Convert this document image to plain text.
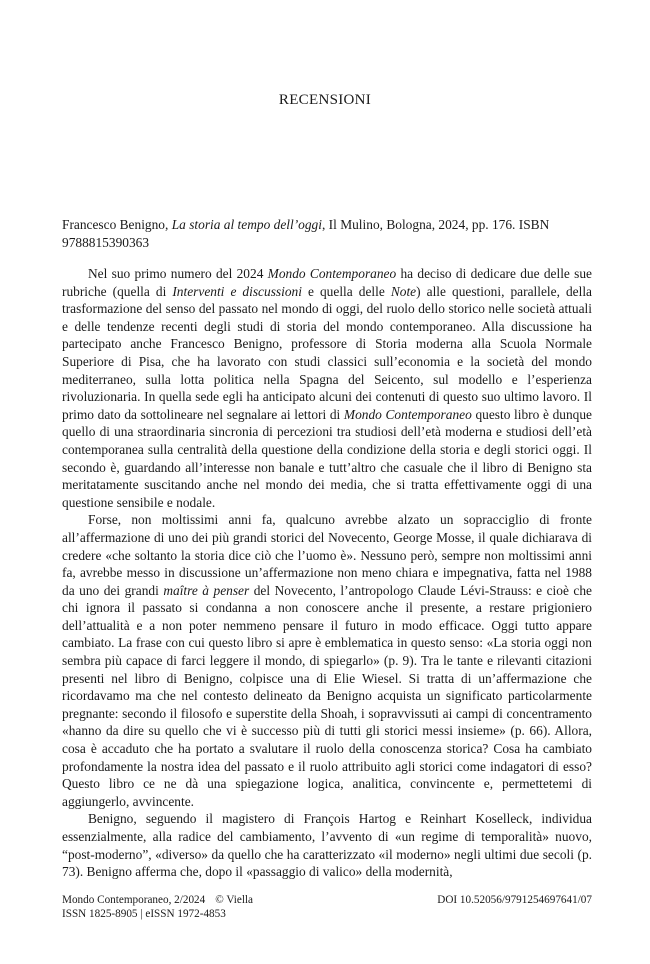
RECENSIONI
Francesco Benigno, La storia al tempo dell’oggi, Il Mulino, Bologna, 2024, pp. 176. ISBN 9788815390363

Nel suo primo numero del 2024 Mondo Contemporaneo ha deciso di dedicare due delle sue rubriche (quella di Interventi e discussioni e quella delle Note) alle questioni, parallele, della trasformazione del senso del passato nel mondo di oggi, del ruolo dello storico nelle società attuali e delle tendenze recenti degli studi di storia del mondo contemporaneo. Alla discussione ha partecipato anche Francesco Benigno, professore di Storia moderna alla Scuola Normale Superiore di Pisa, che ha lavorato con studi classici sull’economia e la società del mondo mediterraneo, sulla lotta politica nella Spagna del Seicento, sul modello e l’esperienza rivoluzionaria. In quella sede egli ha anticipato alcuni dei contenuti di questo suo ultimo lavoro. Il primo dato da sottolineare nel segnalare ai lettori di Mondo Contemporaneo questo libro è dunque quello di una straordinaria sincronia di percezioni tra studiosi dell’età moderna e studiosi dell’età contemporanea sulla centralità della questione della condizione della storia e degli storici oggi. Il secondo è, guardando all’interesse non banale e tutt’altro che casuale che il libro di Benigno sta meritatamente suscitando anche nel mondo dei media, che si tratta effettivamente oggi di una questione sensibile e nodale.

Forse, non moltissimi anni fa, qualcuno avrebbe alzato un sopracciglio di fronte all’affermazione di uno dei più grandi storici del Novecento, George Mosse, il quale dichiarava di credere «che soltanto la storia dice ciò che l’uomo è». Nessuno però, sempre non moltissimi anni fa, avrebbe messo in discussione un’affermazione non meno chiara e impegnativa, fatta nel 1988 da uno dei grandi maître à penser del Novecento, l’antropologo Claude Lévi-Strauss: e cioè che chi ignora il passato si condanna a non conoscere anche il presente, a restare prigioniero dell’attualità e a non poter nemmeno pensare il futuro in modo efficace. Oggi tutto appare cambiato. La frase con cui questo libro si apre è emblematica in questo senso: «La storia oggi non sembra più capace di farci leggere il mondo, di spiegarlo» (p. 9). Tra le tante e rilevanti citazioni presenti nel libro di Benigno, colpisce una di Elie Wiesel. Si tratta di un’affermazione che ricordavamo ma che nel contesto delineato da Benigno acquista un significato particolarmente pregnante: secondo il filosofo e superstite della Shoah, i sopravvissuti ai campi di concentramento «hanno da dire su quello che vi è successo più di tutti gli storici messi insieme» (p. 66). Allora, cosa è accaduto che ha portato a svalutare il ruolo della conoscenza storica? Cosa ha cambiato profondamente la nostra idea del passato e il ruolo attribuito agli storici come indagatori di esso? Questo libro ce ne dà una spiegazione logica, analitica, convincente e, permettetemi di aggiungerlo, avvincente.

Benigno, seguendo il magistero di François Hartog e Reinhart Koselleck, individua essenzialmente, alla radice del cambiamento, l’avvento di «un regime di temporalità» nuovo, “post-moderno”, «diverso» da quello che ha caratterizzato «il moderno» negli ultimi due secoli (p. 73). Benigno afferma che, dopo il «passaggio di valico» della modernità,

Mondo Contemporaneo, 2/2024 © Viella	DOI 10.52056/9791254697641/07
ISSN 1825-8905 | eISSN 1972-4853
